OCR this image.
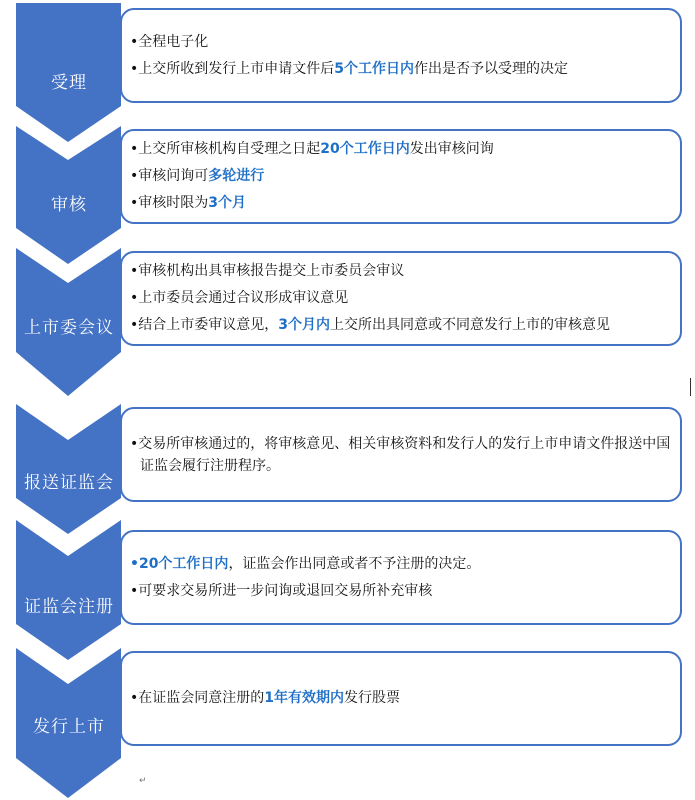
受理
审核
上市委会议
报送证监会
证监会注册
发行上市
•全程电子化
•上交所收到发行上市申请文件后5个工作日内作出是否予以受理的决定
•上交所审核机构自受理之日起20个工作日内发出审核问询
•审核问询可多轮进行
•审核时限为3个月
•审核机构出具审核报告提交上市委员会审议
•上市委员会通过合议形成审议意见
•结合上市委审议意见，3个月内上交所出具同意或不同意发行上市的审核意见
•交易所审核通过的，将审核意见、相关审核资料和发行人的发行上市申请文件报送中国证监会履行注册程序。
•20个工作日内，证监会作出同意或者不予注册的决定。
•可要求交易所进一步问询或退回交易所补充审核
•在证监会同意注册的1年有效期内发行股票
↵
